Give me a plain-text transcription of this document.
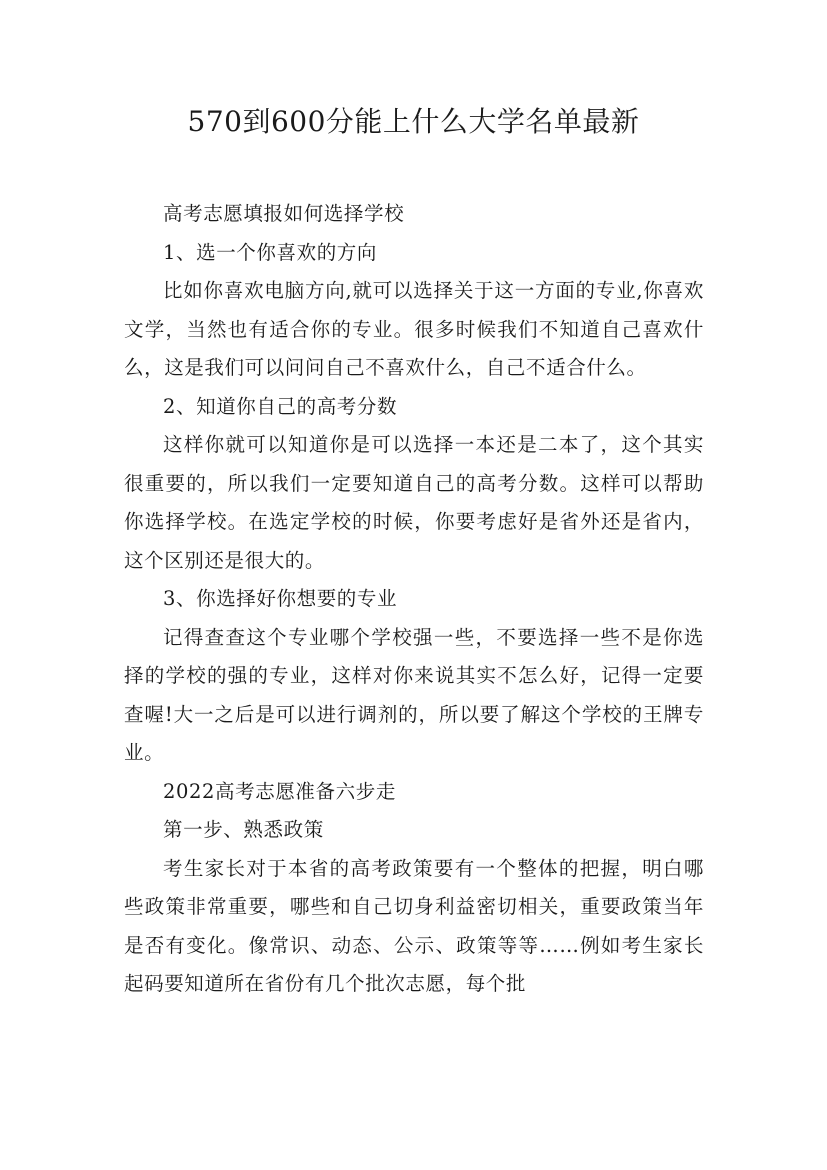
570到600分能上什么大学名单最新

高考志愿填报如何选择学校

1、选一个你喜欢的方向

比如你喜欢电脑方向,就可以选择关于这一方面的专业,你喜欢文学，当然也有适合你的专业。很多时候我们不知道自己喜欢什么，这是我们可以问问自己不喜欢什么，自己不适合什么。

2、知道你自己的高考分数

这样你就可以知道你是可以选择一本还是二本了，这个其实很重要的，所以我们一定要知道自己的高考分数。这样可以帮助你选择学校。在选定学校的时候，你要考虑好是省外还是省内，这个区别还是很大的。

3、你选择好你想要的专业

记得查查这个专业哪个学校强一些，不要选择一些不是你选择的学校的强的专业，这样对你来说其实不怎么好，记得一定要查喔!大一之后是可以进行调剂的，所以要了解这个学校的王牌专业。

2022高考志愿准备六步走

第一步、熟悉政策

考生家长对于本省的高考政策要有一个整体的把握，明白哪些政策非常重要，哪些和自己切身利益密切相关，重要政策当年是否有变化。像常识、动态、公示、政策等等……例如考生家长起码要知道所在省份有几个批次志愿，每个批
